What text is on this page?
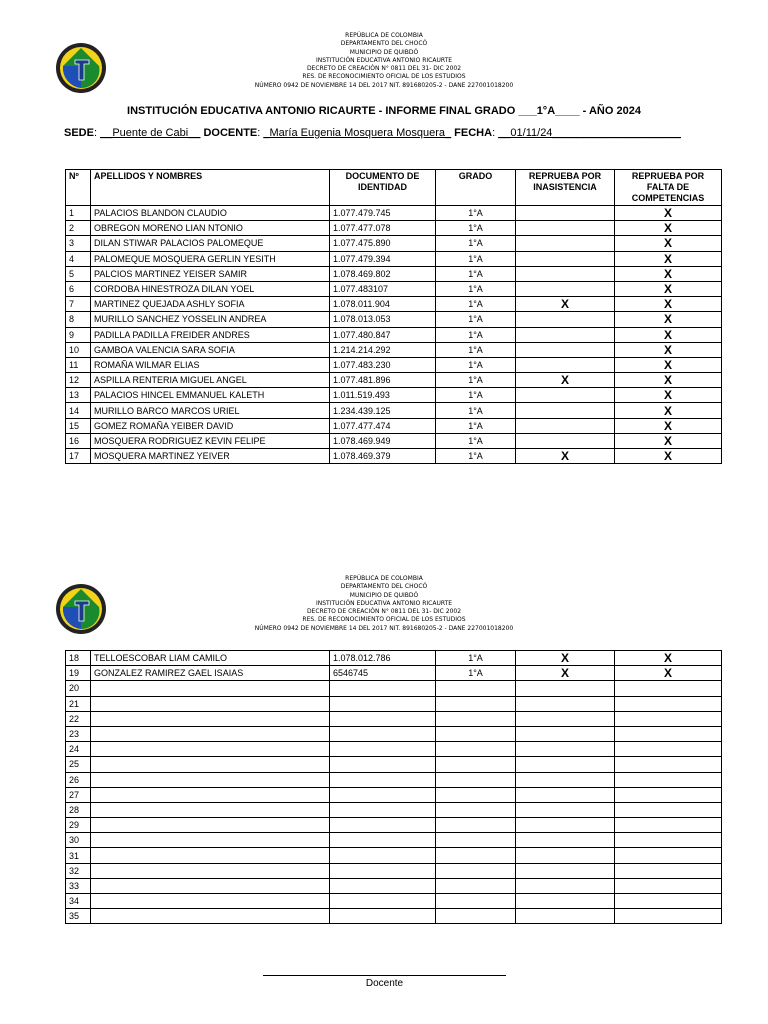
REPÚBLICA DE COLOMBIA
DEPARTAMENTO DEL CHOCÓ
MUNICIPIO DE QUIBDÓ
INSTITUCIÓN EDUCATIVA ANTONIO RICAURTE
DECRETO DE CREACIÓN N° 0811 DEL 31- DIC 2002
RES. DE RECONOCIMIENTO OFICIAL DE LOS ESTUDIOS
NÚMERO 0942 DE NOVIEMBRE 14 DEL 2017 NIT. 891680205-2 - DANE 227001018200
INSTITUCIÓN EDUCATIVA ANTONIO RICAURTE - INFORME FINAL GRADO ___1°A____ - AÑO 2024
SEDE: __Puente de Cabi__ DOCENTE: _María Eugenia Mosquera Mosquera_ FECHA: __01/11/24_____________________
Nº	APELLIDOS Y NOMBRES	DOCUMENTO DE IDENTIDAD	GRADO	REPRUEBA POR INASISTENCIA	REPRUEBA POR FALTA DE COMPETENCIAS
1	PALACIOS BLANDON CLAUDIO	1.077.479.745	1°A		X
2	OBREGON MORENO LIAN NTONIO	1.077.477.078	1°A		X
3	DILAN STIWAR PALACIOS PALOMEQUE	1.077.475.890	1°A		X
4	PALOMEQUE MOSQUERA GERLIN YESITH	1.077.479.394	1°A		X
5	PALCIOS MARTINEZ YEISER SAMIR	1.078.469.802	1°A		X
6	CORDOBA HINESTROZA DILAN YOEL	1.077.483107	1°A		X
7	MARTINEZ QUEJADA ASHLY SOFIA	1.078.011.904	1°A	X	X
8	MURILLO SANCHEZ YOSSELIN ANDREA	1.078.013.053	1°A		X
9	PADILLA PADILLA FREIDER ANDRES	1.077.480.847	1°A		X
10	GAMBOA VALENCIA SARA SOFIA	1.214.214.292	1°A		X
11	ROMAÑA WILMAR ELIAS	1.077.483.230	1°A		X
12	ASPILLA RENTERIA MIGUEL ANGEL	1.077.481.896	1°A	X	X
13	PALACIOS HINCEL EMMANUEL KALETH	1.011.519.493	1°A		X
14	MURILLO BARCO MARCOS URIEL	1.234.439.125	1°A		X
15	GOMEZ ROMAÑA YEIBER DAVID	1.077.477.474	1°A		X
16	MOSQUERA RODRIGUEZ KEVIN FELIPE	1.078.469.949	1°A		X
17	MOSQUERA MARTINEZ YEIVER	1.078.469.379	1°A	X	X
REPÚBLICA DE COLOMBIA
DEPARTAMENTO DEL CHOCÓ
MUNICIPIO DE QUIBDÓ
INSTITUCIÓN EDUCATIVA ANTONIO RICAURTE
DECRETO DE CREACIÓN N° 0811 DEL 31- DIC 2002
RES. DE RECONOCIMIENTO OFICIAL DE LOS ESTUDIOS
NÚMERO 0942 DE NOVIEMBRE 14 DEL 2017 NIT. 891680205-2 - DANE 227001018200
18	TELLOESCOBAR LIAM CAMILO	1.078.012.786	1°A	X	X
19	GONZALEZ RAMIREZ GAEL ISAIAS	6546745	1°A	X	X
20					
21					
22					
23					
24					
25					
26					
27					
28					
29					
30					
31					
32					
33					
34					
35					
Docente
